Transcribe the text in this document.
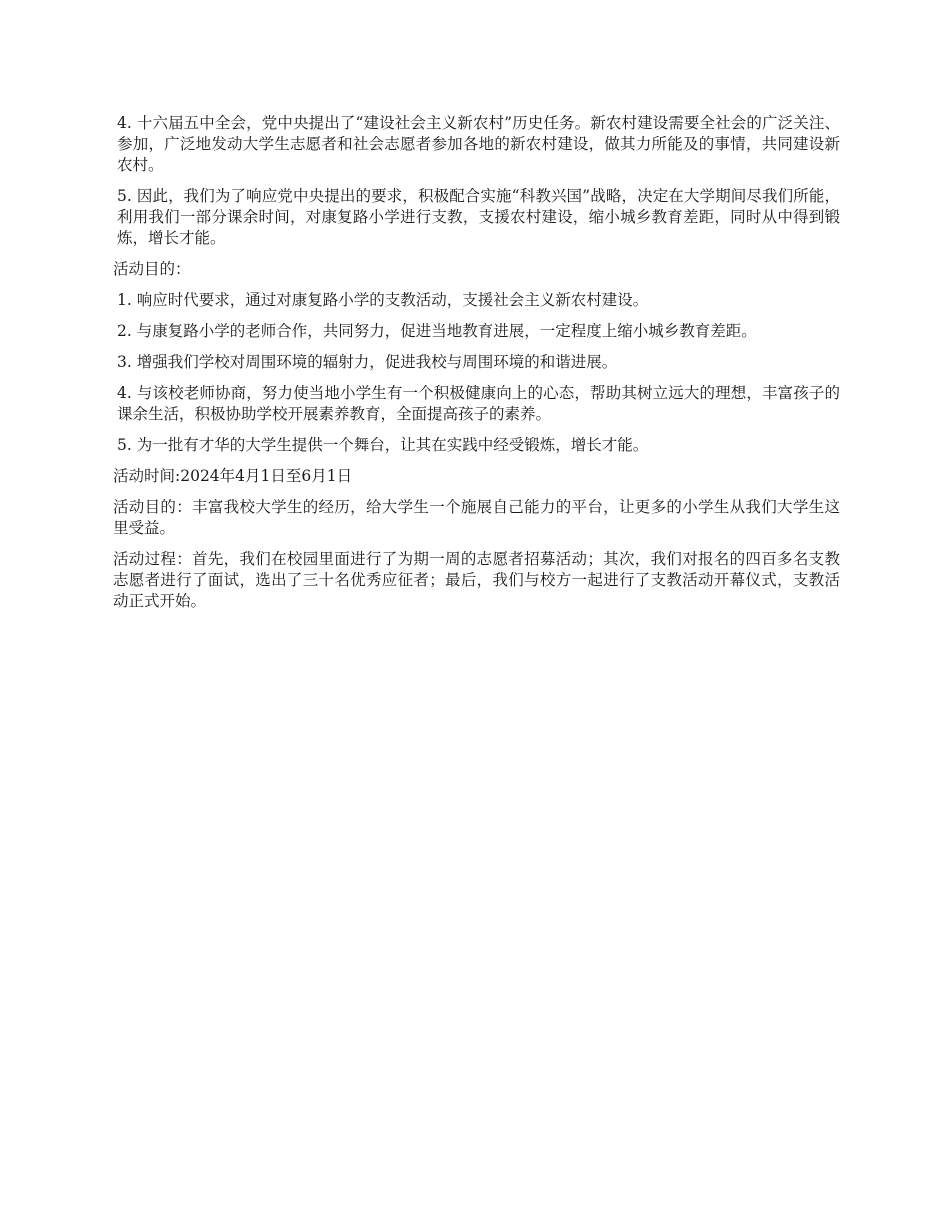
4. 十六届五中全会，党中央提出了“建设社会主义新农村”历史任务。新农村建设需要全社会的广泛关注、参加，广泛地发动大学生志愿者和社会志愿者参加各地的新农村建设，做其力所能及的事情，共同建设新农村。

5. 因此，我们为了响应党中央提出的要求，积极配合实施“科教兴国”战略，决定在大学期间尽我们所能，利用我们一部分课余时间，对康复路小学进行支教，支援农村建设，缩小城乡教育差距，同时从中得到锻炼，增长才能。

活动目的：

1. 响应时代要求，通过对康复路小学的支教活动，支援社会主义新农村建设。

2. 与康复路小学的老师合作，共同努力，促进当地教育进展，一定程度上缩小城乡教育差距。

3. 增强我们学校对周围环境的辐射力，促进我校与周围环境的和谐进展。

4. 与该校老师协商，努力使当地小学生有一个积极健康向上的心态，帮助其树立远大的理想，丰富孩子的课余生活，积极协助学校开展素养教育，全面提高孩子的素养。

5. 为一批有才华的大学生提供一个舞台，让其在实践中经受锻炼，增长才能。

活动时间:2024年4月1日至6月1日

活动目的：丰富我校大学生的经历，给大学生一个施展自己能力的平台，让更多的小学生从我们大学生这里受益。

活动过程：首先，我们在校园里面进行了为期一周的志愿者招募活动；其次，我们对报名的四百多名支教志愿者进行了面试，选出了三十名优秀应征者；最后，我们与校方一起进行了支教活动开幕仪式，支教活动正式开始。
